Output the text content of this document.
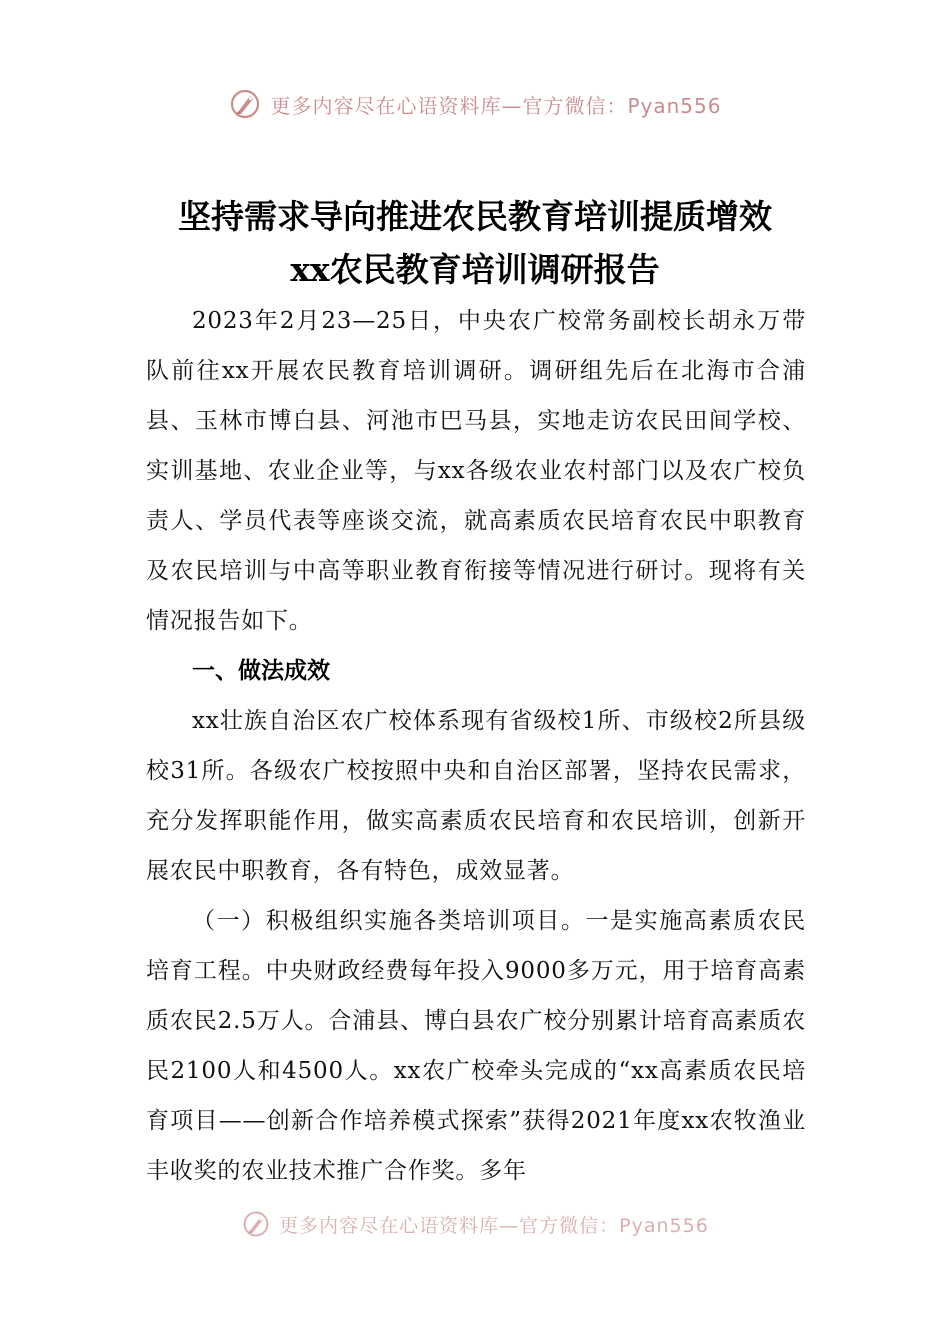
更多内容尽在心语资料库—官方微信：Pyan556
坚持需求导向推进农民教育培训提质增效
xx农民教育培训调研报告

2023年2月23—25日，中央农广校常务副校长胡永万带队前往xx开展农民教育培训调研。调研组先后在北海市合浦县、玉林市博白县、河池市巴马县，实地走访农民田间学校、实训基地、农业企业等，与xx各级农业农村部门以及农广校负责人、学员代表等座谈交流，就高素质农民培育农民中职教育及农民培训与中高等职业教育衔接等情况进行研讨。现将有关情况报告如下。

一、做法成效

xx壮族自治区农广校体系现有省级校1所、市级校2所县级校31所。各级农广校按照中央和自治区部署，坚持农民需求，充分发挥职能作用，做实高素质农民培育和农民培训，创新开展农民中职教育，各有特色，成效显著。

（一）积极组织实施各类培训项目。一是实施高素质农民培育工程。中央财政经费每年投入9000多万元，用于培育高素质农民2.5万人。合浦县、博白县农广校分别累计培育高素质农民2100人和4500人。xx农广校牵头完成的“xx高素质农民培育项目——创新合作培养模式探索”获得2021年度xx农牧渔业丰收奖的农业技术推广合作奖。多年

更多内容尽在心语资料库—官方微信：Pyan556
